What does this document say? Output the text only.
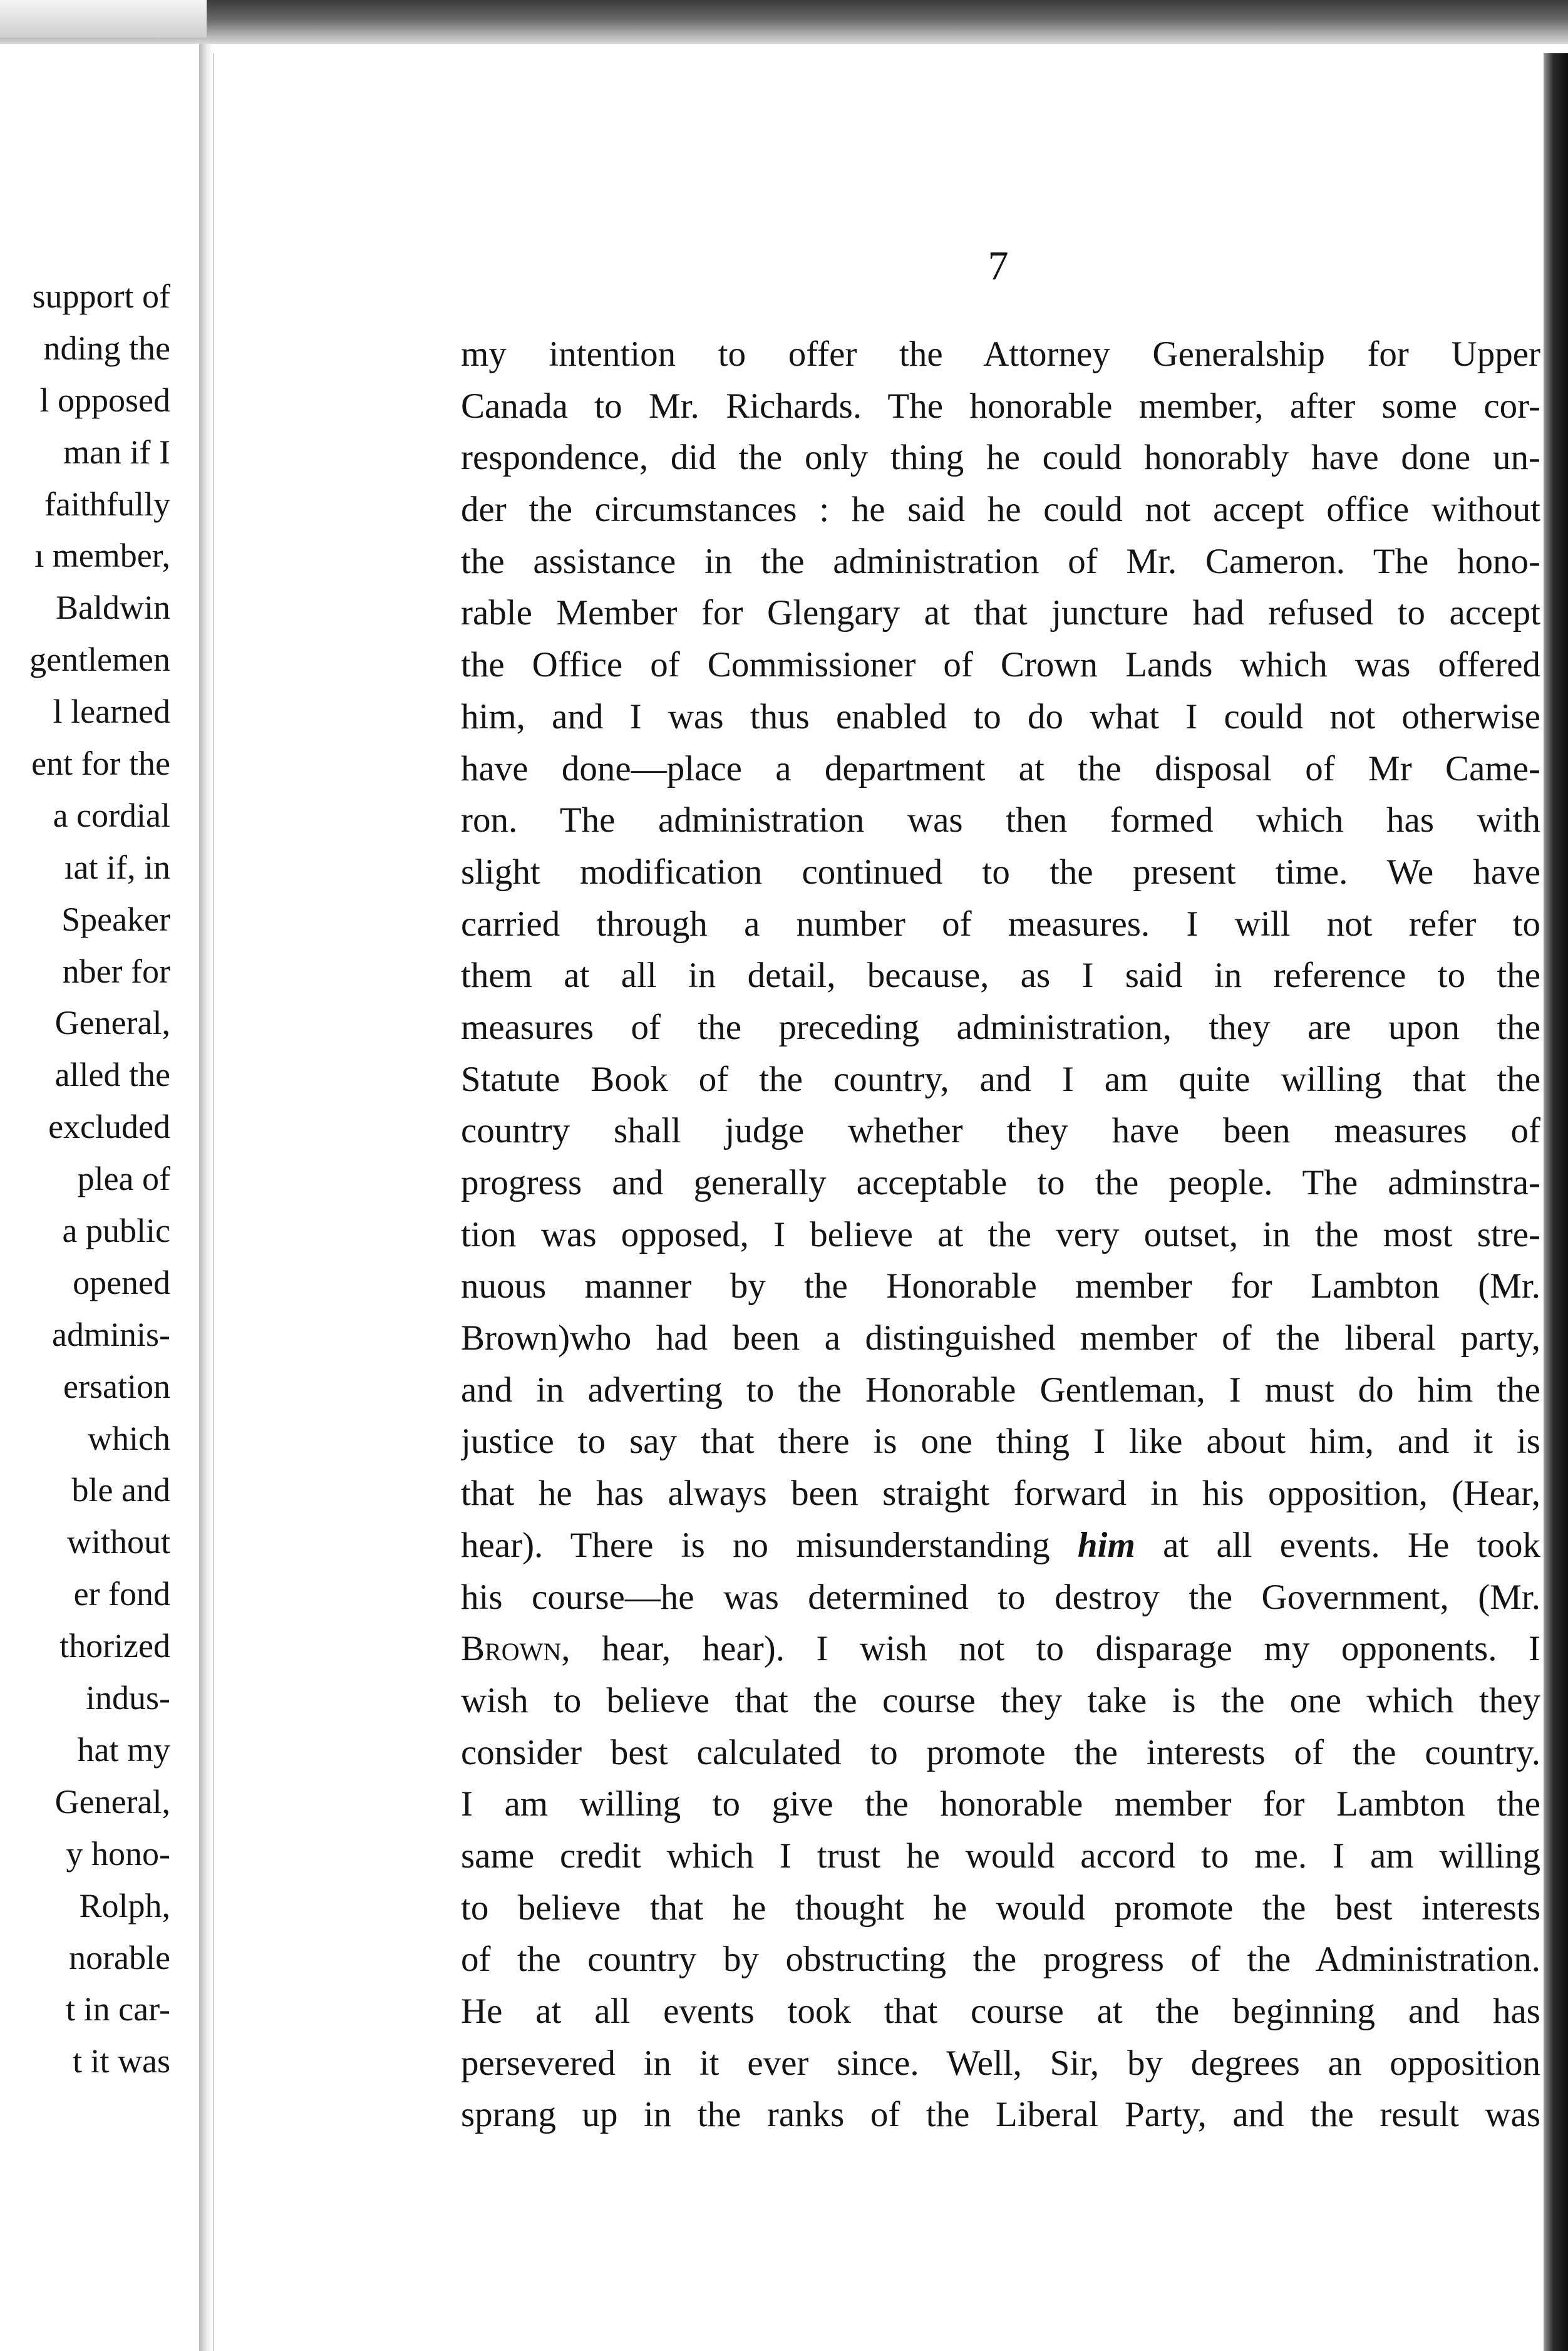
support of
nding the
l opposed
man if I
faithfully
ı member,
Baldwin
gentlemen
l learned
ent for the
a cordial
ıat if, in
Speaker
nber for
General,
alled the
excluded
plea of
a public
opened
adminis-
ersation
which
ble and
without
er fond
thorized
indus-
hat my
General,
y hono-
Rolph,
norable
t in car-
t it was
7
my intention to offer the Attorney Generalship for Upper
Canada to Mr. Richards. The honorable member, after some cor-
respondence, did the only thing he could honorably have done un-
der the circumstances : he said he could not accept office without
the assistance in the administration of Mr. Cameron. The hono-
rable Member for Glengary at that juncture had refused to accept
the Office of Commissioner of Crown Lands which was offered
him, and I was thus enabled to do what I could not otherwise
have done—place a department at the disposal of Mr Came-
ron. The administration was then formed which has with
slight modification continued to the present time. We have
carried through a number of measures. I will not refer to
them at all in detail, because, as I said in reference to the
measures of the preceding administration, they are upon the
Statute Book of the country, and I am quite willing that the
country shall judge whether they have been measures of
progress and generally acceptable to the people. The adminstra-
tion was opposed, I believe at the very outset, in the most stre-
nuous manner by the Honorable member for Lambton (Mr.
Brown)who had been a distinguished member of the liberal party,
and in adverting to the Honorable Gentleman, I must do him the
justice to say that there is one thing I like about him, and it is
that he has always been straight forward in his opposition, (Hear,
hear). There is no misunderstanding him at all events. He took
his course—he was determined to destroy the Government, (Mr.
Brown, hear, hear). I wish not to disparage my opponents. I
wish to believe that the course they take is the one which they
consider best calculated to promote the interests of the country.
I am willing to give the honorable member for Lambton the
same credit which I trust he would accord to me. I am willing
to believe that he thought he would promote the best interests
of the country by obstructing the progress of the Administration.
He at all events took that course at the beginning and has
persevered in it ever since. Well, Sir, by degrees an opposition
sprang up in the ranks of the Liberal Party, and the result was
